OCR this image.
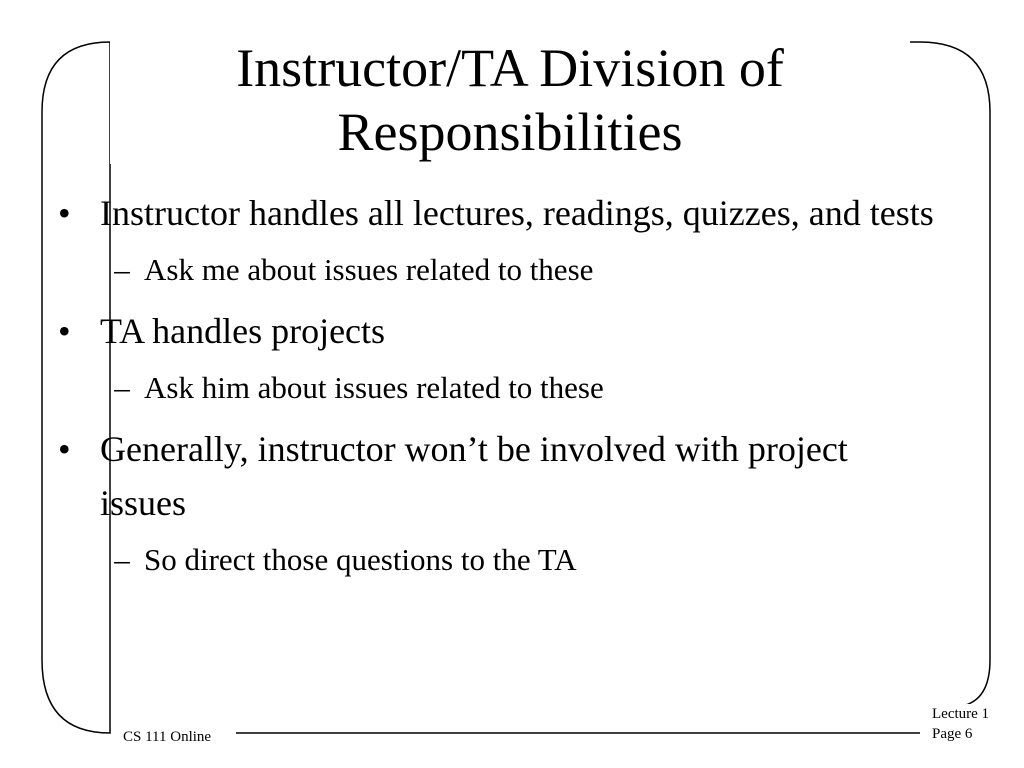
Instructor/TA Division of
Responsibilities
• Instructor handles all lectures, readings, quizzes, and tests
– Ask me about issues related to these
• TA handles projects
– Ask him about issues related to these
• Generally, instructor won’t be involved with project issues
– So direct those questions to the TA
CS 111 Online
Lecture 1
Page 6
